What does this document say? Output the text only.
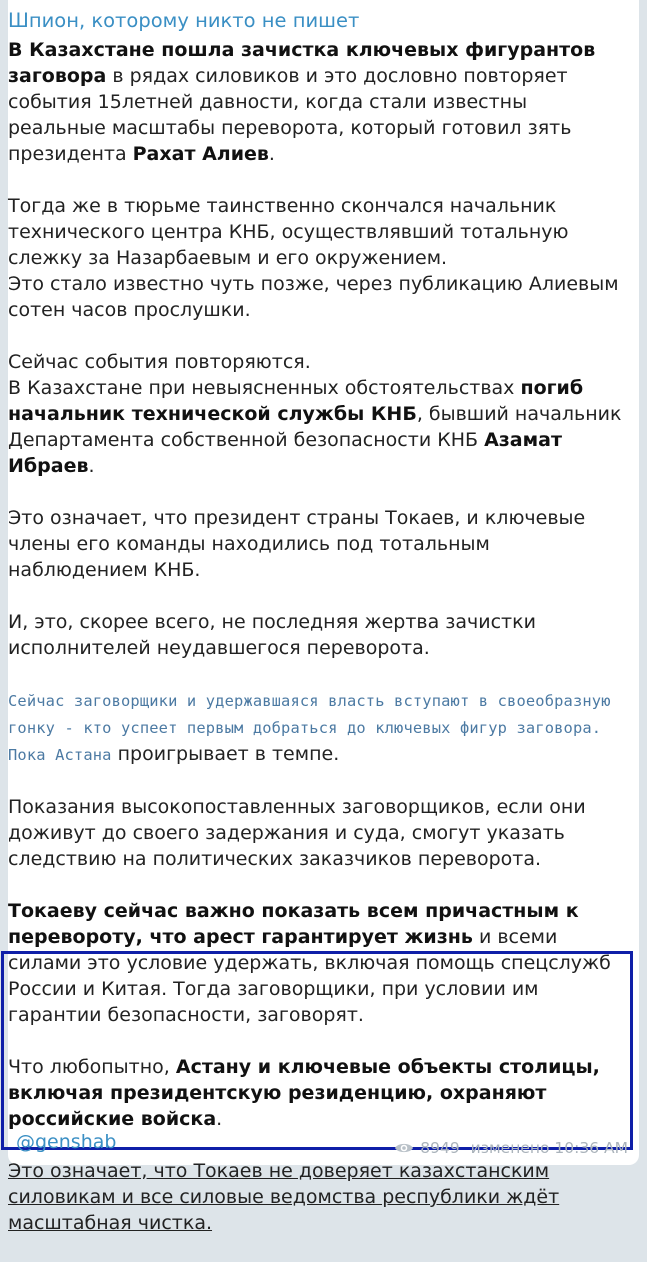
Шпион, которому никто не пишет

В Казахстане пошла зачистка ключевых фигурантов заговора в рядах силовиков и это дословно повторяет события 15летней давности, когда стали известны реальные масштабы переворота, который готовил зять президента Рахат Алиев.

Тогда же в тюрьме таинственно скончался начальник технического центра КНБ, осуществлявший тотальную слежку за Назарбаевым и его окружением.
Это стало известно чуть позже, через публикацию Алиевым сотен часов прослушки.

Сейчас события повторяются.
В Казахстане при невыясненных обстоятельствах погиб начальник технической службы КНБ, бывший начальник Департамента собственной безопасности КНБ Азамат Ибраев.

Это означает, что президент страны Токаев, и ключевые члены его команды находились под тотальным наблюдением КНБ.

И, это, скорее всего, не последняя жертва зачистки исполнителей неудавшегося переворота.

Сейчас заговорщики и удержавшаяся власть вступают в своеобразную гонку - кто успеет первым добраться до ключевых фигур заговора. Пока Астана проигрывает в темпе.

Показания высокопоставленных заговорщиков, если они доживут до своего задержания и суда, смогут указать следствию на политических заказчиков переворота.

Токаеву сейчас важно показать всем причастным к перевороту, что арест гарантирует жизнь и всеми силами это условие удержать, включая помощь спецслужб России и Китая. Тогда заговорщики, при условии им гарантии безопасности, заговорят.

Что любопытно, Астану и ключевые объекты столицы, включая президентскую резиденцию, охраняют российские войска.

Это означает, что Токаев не доверяет казахстанским силовикам и все силовые ведомства республики ждёт масштабная чистка.

@genshab	8949 изменено 10:36 AM
